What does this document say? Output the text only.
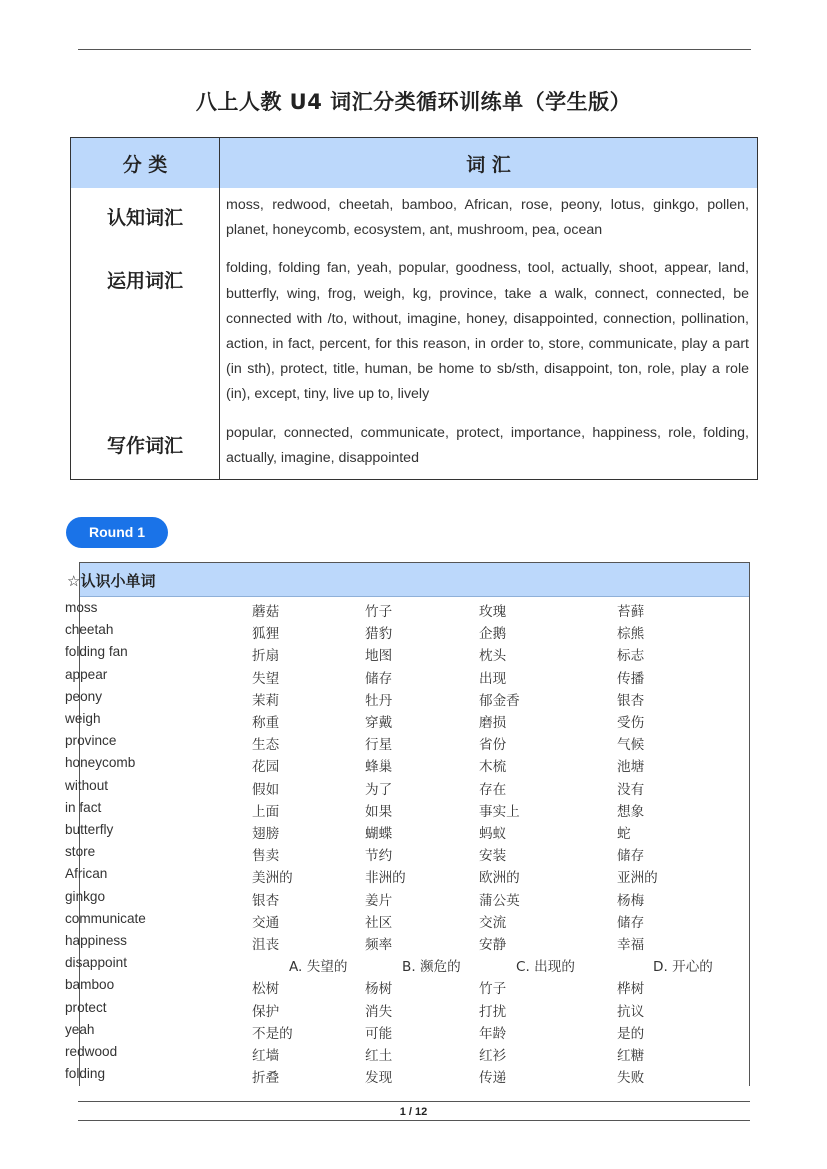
八上人教 U4 词汇分类循环训练单（学生版）
分 类	词 汇
认知词汇	moss, redwood, cheetah, bamboo, African, rose, peony, lotus, ginkgo, pollen, planet, honeycomb, ecosystem, ant, mushroom, pea, ocean
运用词汇	folding, folding fan, yeah, popular, goodness, tool, actually, shoot, appear, land, butterfly, wing, frog, weigh, kg, province, take a walk, connect, connected, be connected with /to, without, imagine, honey, disappointed, connection, pollination, action, in fact, percent, for this reason, in order to, store, communicate, play a part (in sth), protect, title, human, be home to sb/sth, disappoint, ton, role, play a role (in), except, tiny, live up to, lively
写作词汇	popular, connected, communicate, protect, importance, happiness, role, folding, actually, imagine, disappointed
Round 1
☆认识小单词
moss	蘑菇	竹子	玫瑰	苔藓
cheetah	狐狸	猎豹	企鹅	棕熊
folding fan	折扇	地图	枕头	标志
appear	失望	储存	出现	传播
peony	茉莉	牡丹	郁金香	银杏
weigh	称重	穿戴	磨损	受伤
province	生态	行星	省份	气候
honeycomb	花园	蜂巢	木梳	池塘
without	假如	为了	存在	没有
in fact	上面	如果	事实上	想象
butterfly	翅膀	蝴蝶	蚂蚁	蛇
store	售卖	节约	安装	储存
African	美洲的	非洲的	欧洲的	亚洲的
ginkgo	银杏	姜片	蒲公英	杨梅
communicate	交通	社区	交流	储存
happiness	沮丧	频率	安静	幸福
disappoint	A. 失望的	B. 濒危的	C. 出现的	D. 开心的
bamboo	松树	杨树	竹子	桦树
protect	保护	消失	打扰	抗议
yeah	不是的	可能	年龄	是的
redwood	红墙	红土	红衫	红糖
folding	折叠	发现	传递	失败
1 / 12
